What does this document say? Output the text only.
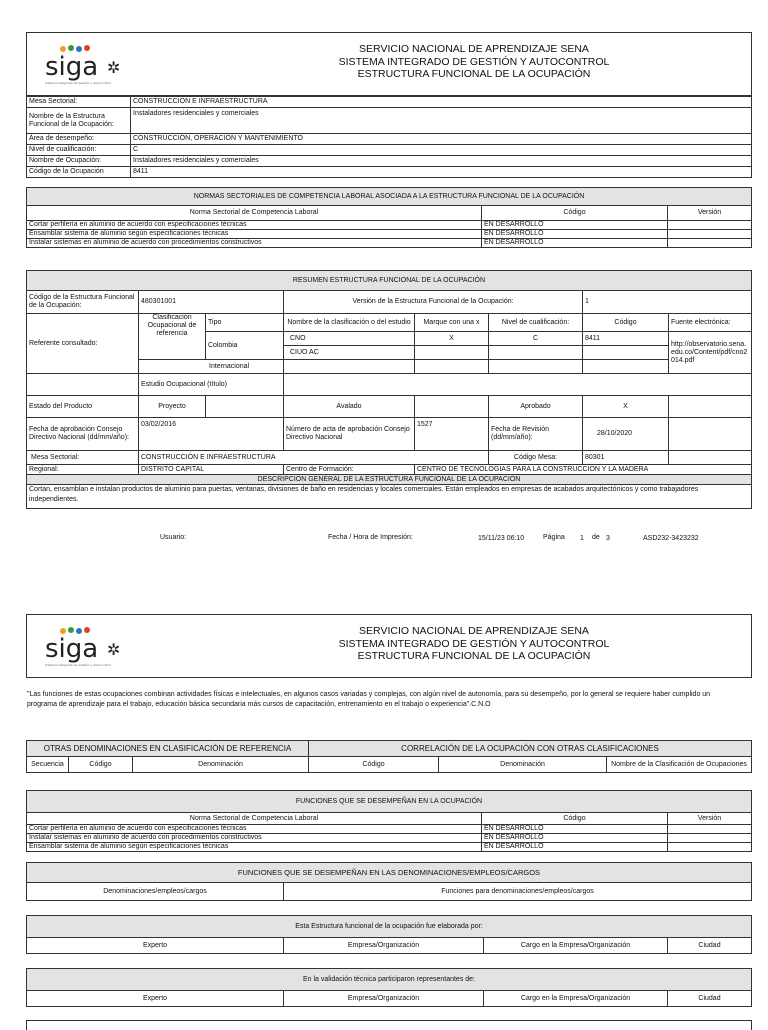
siga ✲
Sistema Integrado de Gestión y Autocontrol
SERVICIO NACIONAL DE APRENDIZAJE SENA
SISTEMA INTEGRADO DE GESTIÓN Y AUTOCONTROL
ESTRUCTURA FUNCIONAL DE LA OCUPACIÓN
Mesa Sectorial:	CONSTRUCCIÓN E INFRAESTRUCTURA
Nombre de la Estructura Funcional de la Ocupación:	Instaladores residenciales y comerciales
Área de desempeño:	CONSTRUCCIÓN, OPERACIÓN Y MANTENIMIENTO
Nivel de cualificación:	C
Nombre de Ocupación:	Instaladores residenciales y comerciales
Código de la Ocupación	8411
NORMAS SECTORIALES DE COMPETENCIA LABORAL ASOCIADA A LA ESTRUCTURA FUNCIONAL DE LA OCUPACIÓN		
Norma Sectorial de Competencia Laboral	Código	Versión
Cortar perfilería en aluminio de acuerdo con especificaciones técnicas	EN DESARROLLO	
Ensamblar sistema de aluminio según especificaciones técnicas	EN DESARROLLO	
Instalar sistemas en aluminio de acuerdo con procedimientos constructivos	EN DESARROLLO	
RESUMEN ESTRUCTURA FUNCIONAL DE LA OCUPACIÓN							
Código de la Estructura Funcional de la Ocupación:	480301001		Versión de la Estructura Funcional de la Ocupación:			1	
Referente consultado:	Clasificación Ocupacional de referencia	Tipo	Nombre de la clasificación o del estudio	Marque con una x	Nivel de cualificación:	Código	Fuente electrónica:
		Colombia	CNO	X	C	8411	http://observatorio.sena.edu.co/Content/pdf/cno2014.pdf
			CIUO AC				
	Internacional						
	Estudio Ocupacional (título)						
Estado del Producto	Proyecto		Avalado		Aprobado	X	
Fecha de aprobación Consejo Directivo Nacional (dd/mm/año):	03/02/2016		Número de acta de aprobación Consejo Directivo Nacional	1527	Fecha de Revisión (dd/mm/año):	28/10/2020	
Mesa Sectorial:	CONSTRUCCIÓN E INFRAESTRUCTURA				Código Mesa:	80301	
Regional:	DISTRITO CAPITAL		Centro de Formación:	CENTRO DE TECNOLOGIAS PARA LA CONSTRUCCION Y LA MADERA			
DESCRIPCION GENERAL DE LA ESTRUCTURA FUNCIONAL DE LA OCUPACIÓN							
Cortan, ensamblan e instalan productos de aluminio para puertas, ventanas, divisiones de baño en residencias y locales comerciales. Están empleados en empresas de acabados arquitectónicos y como trabajadores independientes.							
Usuario:	Fecha / Hora de Impresión:	15/11/23 06:10	Página 1 de 3	ASD232-3423232
siga ✲
Sistema Integrado de Gestión y Autocontrol
SERVICIO NACIONAL DE APRENDIZAJE SENA
SISTEMA INTEGRADO DE GESTIÓN Y AUTOCONTROL
ESTRUCTURA FUNCIONAL DE LA OCUPACIÓN
"Las funciones de estas ocupaciones combinan actividades físicas e intelectuales, en algunos casos variadas y complejas, con algún nivel de autonomía, para su desempeño, por lo general se requiere haber cumplido un programa de aprendizaje para el trabajo, educación básica secundaria más cursos de capacitación, entrenamiento en el trabajo o experiencia".C.N.O
OTRAS DENOMINACIONES EN CLASIFICACIÓN DE REFERENCIA			CORRELACIÓN DE LA OCUPACIÓN CON OTRAS CLASIFICACIONES		
Secuencia	Código	Denominación	Código	Denominación	Nombre de la Clasificación de Ocupaciones
FUNCIONES QUE SE DESEMPEÑAN EN LA OCUPACIÓN		
Norma Sectorial de Competencia Laboral	Código	Versión
Cortar perfilería en aluminio de acuerdo con especificaciones técnicas	EN DESARROLLO	
Instalar sistemas en aluminio de acuerdo con procedimientos constructivos	EN DESARROLLO	
Ensamblar sistema de aluminio según especificaciones técnicas	EN DESARROLLO	
FUNCIONES QUE SE DESEMPEÑAN EN LAS DENOMINACIONES/EMPLEOS/CARGOS
Denominaciones/empleos/cargos	Funciones para denominaciones/empleos/cargos
Esta Estructura funcional de la ocupación fue elaborada por:
Experto	Empresa/Organización	Cargo en la Empresa/Organización	Ciudad
En la validación técnica participaron representantes de:
Experto	Empresa/Organización	Cargo en la Empresa/Organización	Ciudad
